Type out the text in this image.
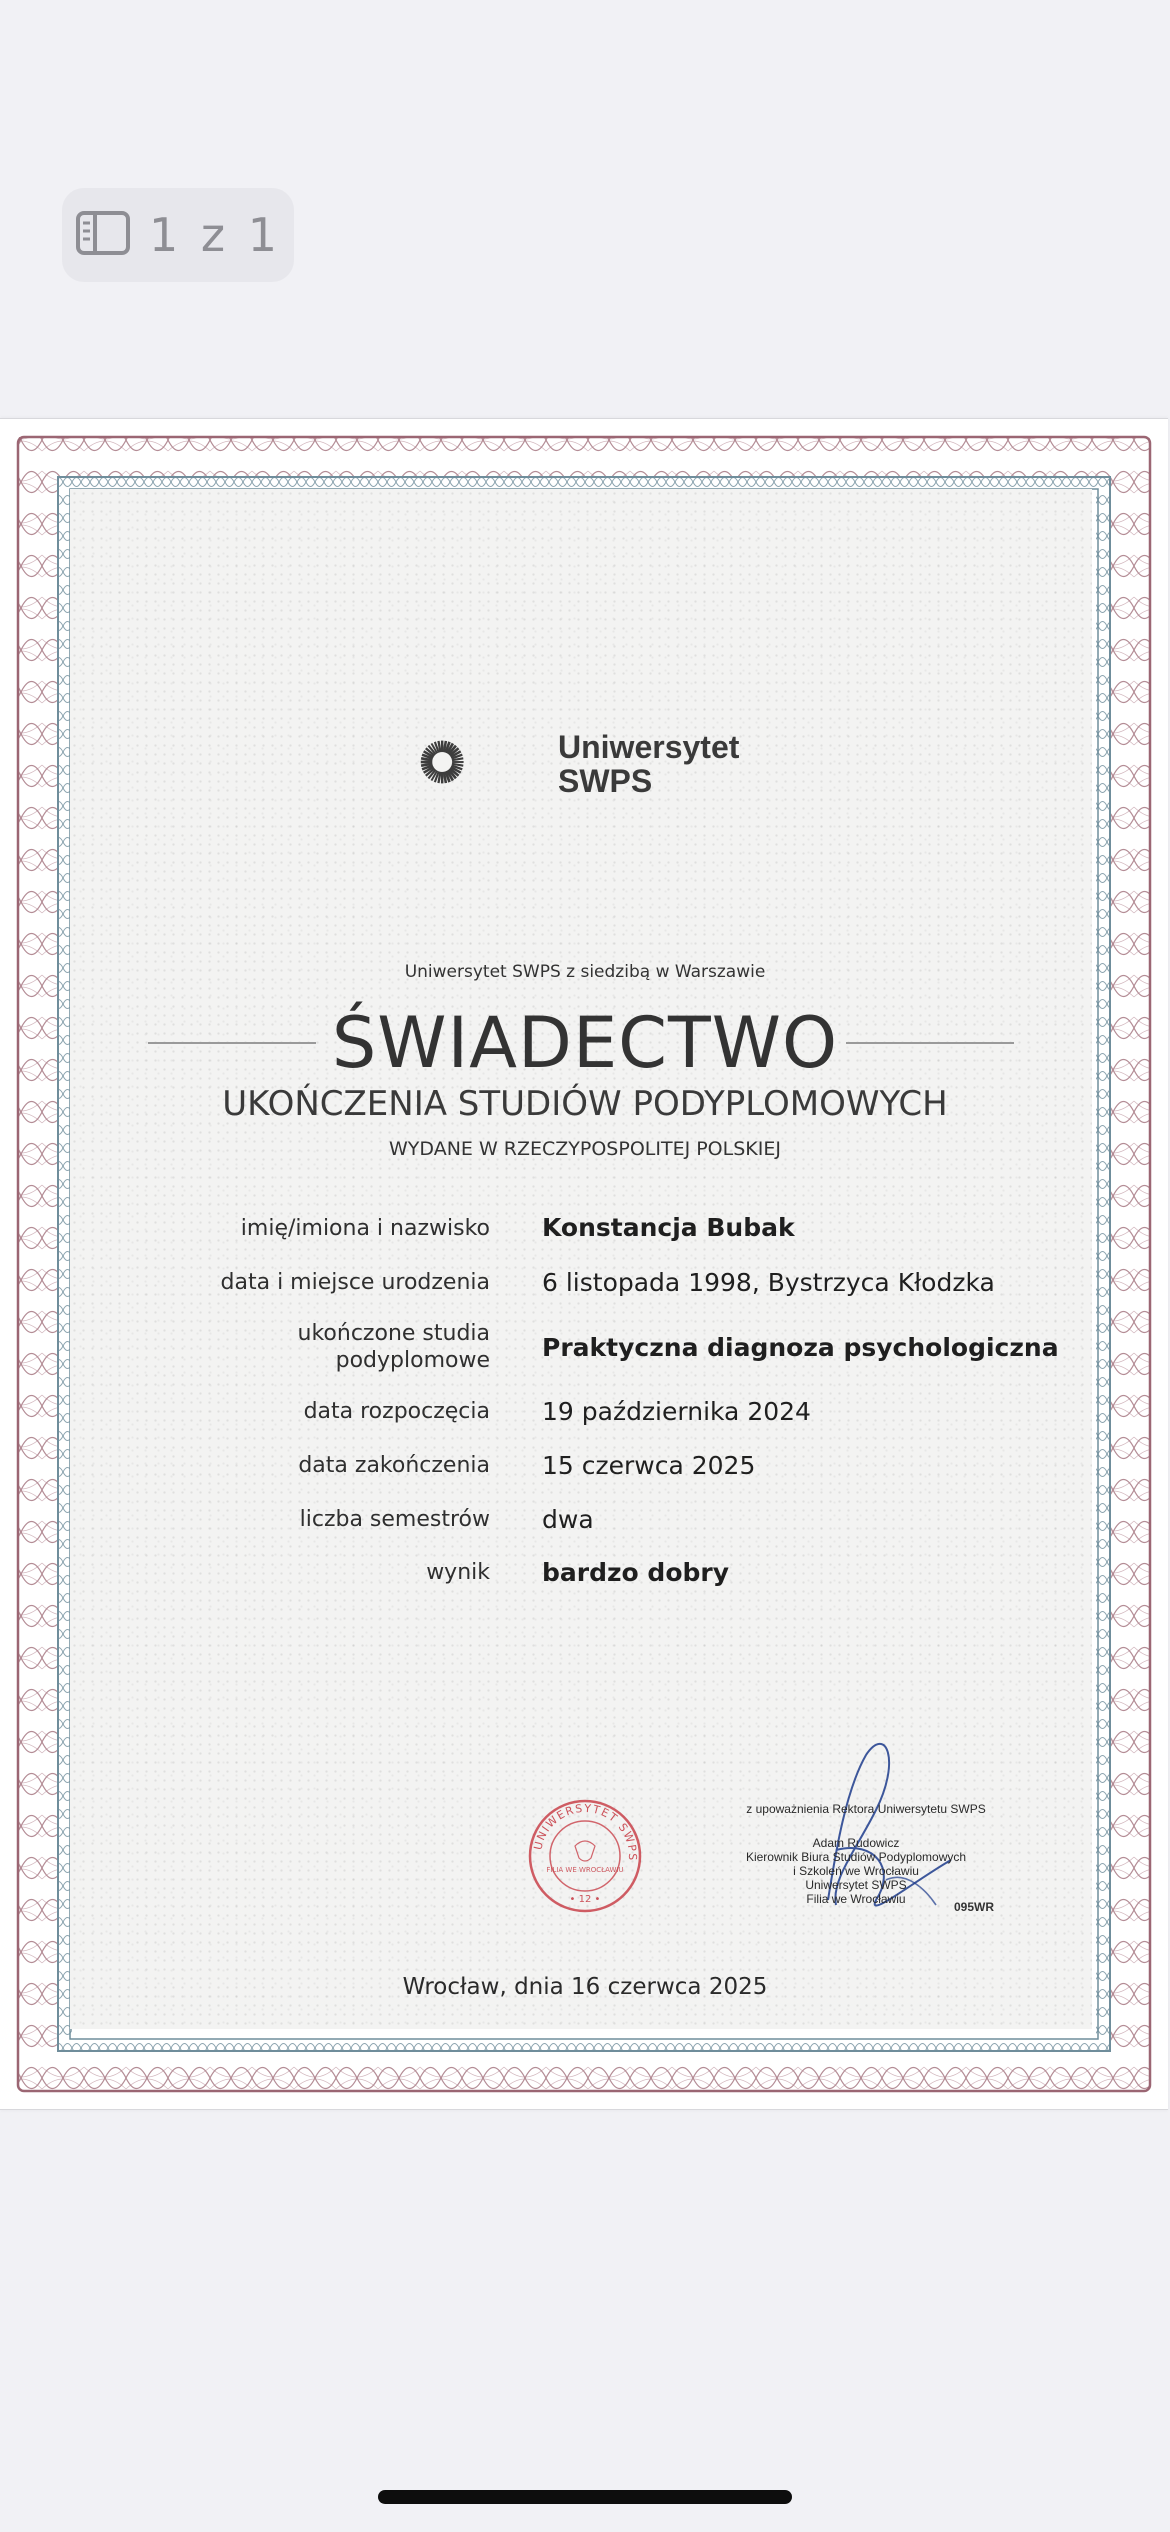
1 z 1
Uniwersytet
SWPS
Uniwersytet SWPS z siedzibą w Warszawie
ŚWIADECTWO
UKOŃCZENIA STUDIÓW PODYPLOMOWYCH
WYDANE W RZECZYPOSPOLITEJ POLSKIEJ
imię/imiona i nazwisko Konstancja Bubak
data i miejsce urodzenia 6 listopada 1998, Bystrzyca Kłodzka
ukończone studia podyplomowe Praktyczna diagnoza psychologiczna
data rozpoczęcia 19 października 2024
data zakończenia 15 czerwca 2025
liczba semestrów dwa
wynik bardzo dobry
UNIWERSYTET SWPS
FILIA WE WROCŁAWIU
• 12 •
z upoważnienia Rektora Uniwersytetu SWPS
Adam Rudowicz
Kierownik Biura Studiów Podyplomowych
i Szkoleń we Wrocławiu
Uniwersytet SWPS
Filia we Wrocławiu
095WR
Wrocław, dnia 16 czerwca 2025
